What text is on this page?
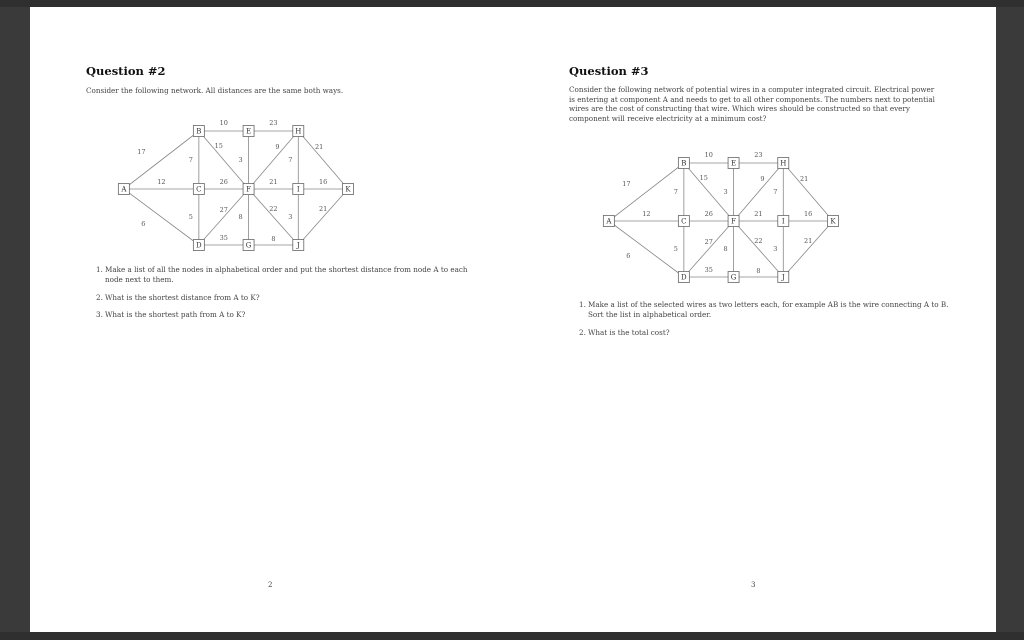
Question #2

Consider the following network. All distances are the same both ways.

17
12
6
10
7
15
23
3
9
7
21
26
5
21	16
27
8
22
35	8
3
21
A
B
C
D
E
F
G
H
I
J
K
1. Make a list of all the nodes in alphabetical order and put the shortest distance from node A to each node next to them.
2. What is the shortest distance from A to K?
3. What is the shortest path from A to K?
2
Question #3

Consider the following network of potential wires in a computer integrated circuit. Electrical power is entering at component A and needs to get to all other components. The numbers next to potential wires are the cost of constructing that wire. Which wires should be constructed so that every component will receive electricity at a minimum cost?

17
12
6
10
7
15
23
3
9
7
21
26
5
21	16
27
8
22
35	8
3
21
A
B
C
D
E
F
G
H
I
J
K
1. Make a list of the selected wires as two letters each, for example AB is the wire connecting A to B. Sort the list in alphabetical order.
2. What is the total cost?
3
